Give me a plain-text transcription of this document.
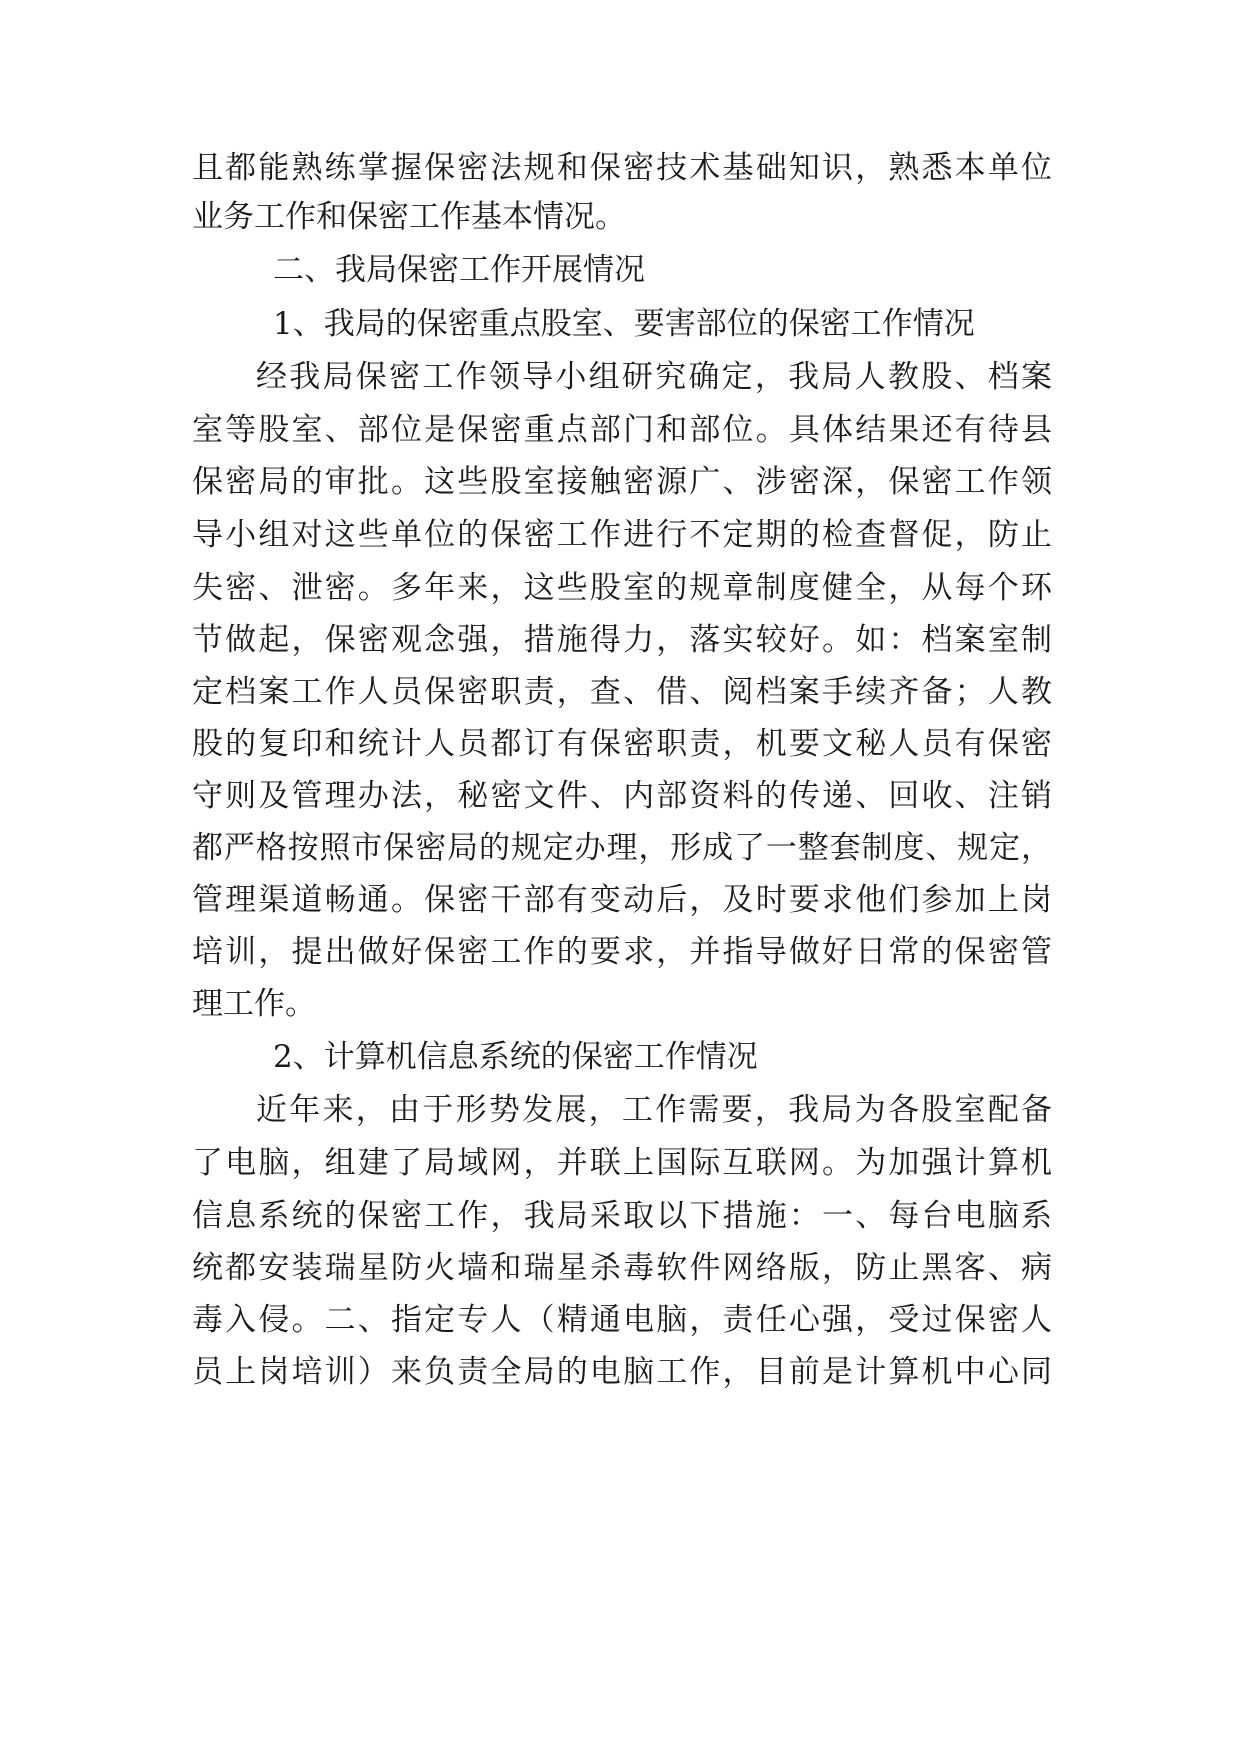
且都能熟练掌握保密法规和保密技术基础知识，熟悉本单位
业务工作和保密工作基本情况。
二、我局保密工作开展情况
1、我局的保密重点股室、要害部位的保密工作情况
经我局保密工作领导小组研究确定，我局人教股、档案
室等股室、部位是保密重点部门和部位。具体结果还有待县
保密局的审批。这些股室接触密源广、涉密深，保密工作领
导小组对这些单位的保密工作进行不定期的检查督促，防止
失密、泄密。多年来，这些股室的规章制度健全，从每个环
节做起，保密观念强，措施得力，落实较好。如：档案室制
定档案工作人员保密职责，查、借、阅档案手续齐备；人教
股的复印和统计人员都订有保密职责，机要文秘人员有保密
守则及管理办法，秘密文件、内部资料的传递、回收、注销
都严格按照市保密局的规定办理，形成了一整套制度、规定，
管理渠道畅通。保密干部有变动后，及时要求他们参加上岗
培训，提出做好保密工作的要求，并指导做好日常的保密管
理工作。
2、计算机信息系统的保密工作情况
近年来，由于形势发展，工作需要，我局为各股室配备
了电脑，组建了局域网，并联上国际互联网。为加强计算机
信息系统的保密工作，我局采取以下措施：一、每台电脑系
统都安装瑞星防火墙和瑞星杀毒软件网络版，防止黑客、病
毒入侵。二、指定专人（精通电脑，责任心强，受过保密人
员上岗培训）来负责全局的电脑工作，目前是计算机中心同
